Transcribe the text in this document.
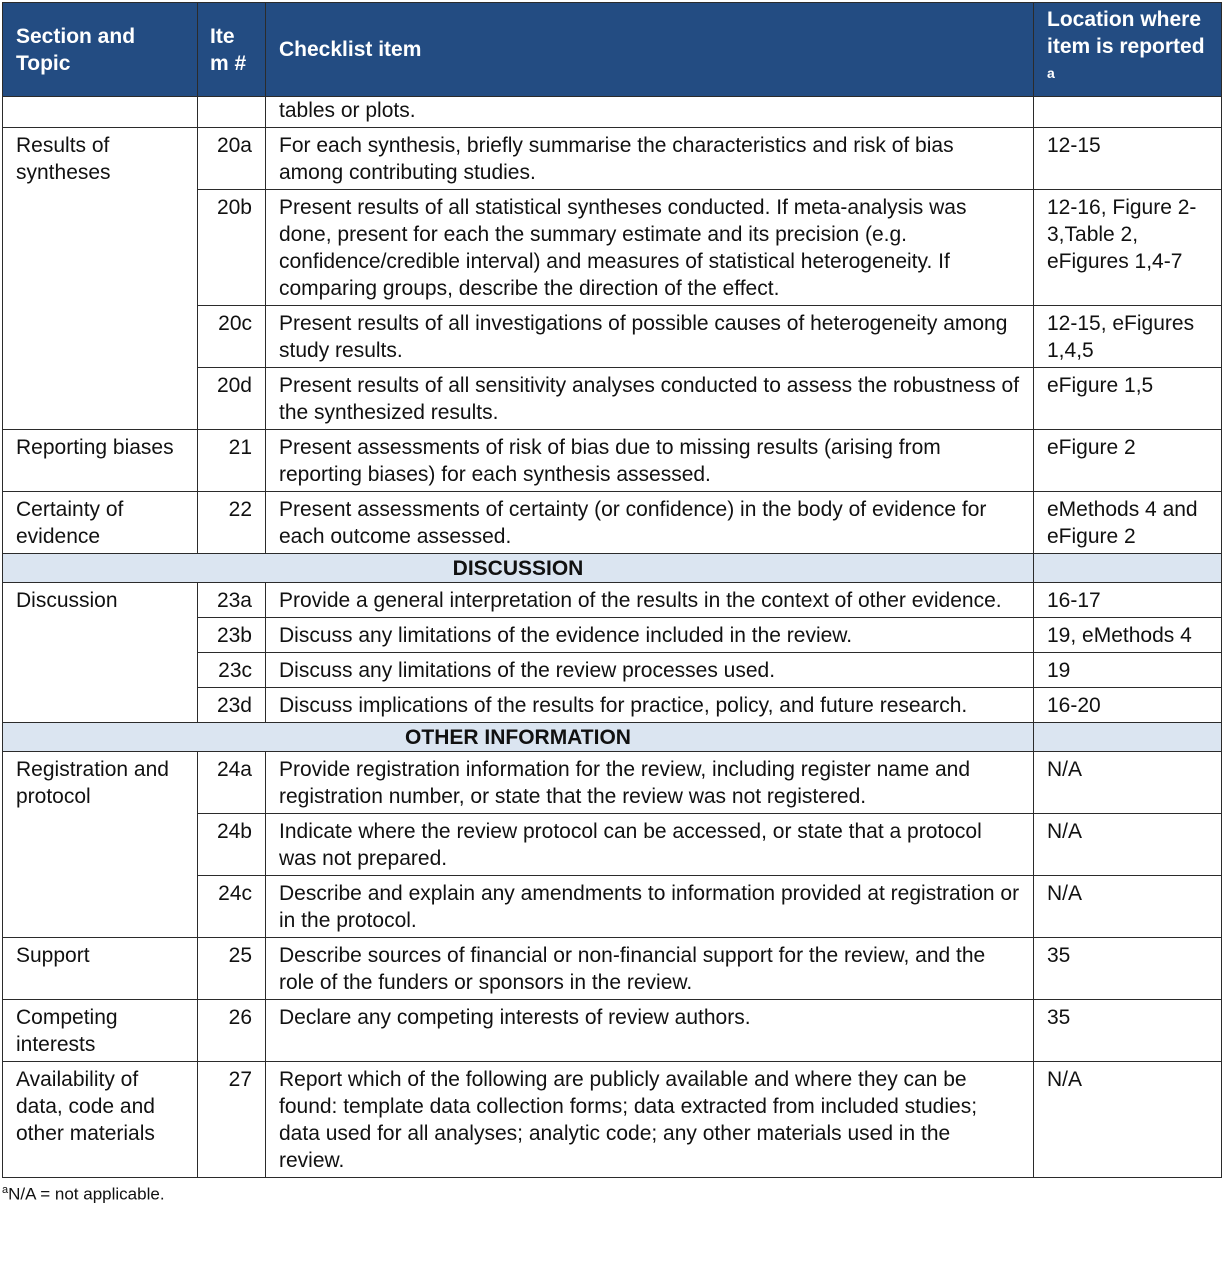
Section and Topic	Ite m #	Checklist item	Location where item is reported $^a$
		tables or plots.	
Results of syntheses	20a	For each synthesis, briefly summarise the characteristics and risk of bias among contributing studies.	12-15
	20b	Present results of all statistical syntheses conducted. If meta-analysis was done, present for each the summary estimate and its precision (e.g. confidence/credible interval) and measures of statistical heterogeneity. If comparing groups, describe the direction of the effect.	12-16, Figure 2-3,Table 2, eFigures 1,4-7
	20c	Present results of all investigations of possible causes of heterogeneity among study results.	12-15, eFigures 1,4,5
	20d	Present results of all sensitivity analyses conducted to assess the robustness of the synthesized results.	eFigure 1,5
Reporting biases	21	Present assessments of risk of bias due to missing results (arising from reporting biases) for each synthesis assessed.	eFigure 2
Certainty of evidence	22	Present assessments of certainty (or confidence) in the body of evidence for each outcome assessed.	eMethods 4 and eFigure 2
DISCUSSION			
Discussion	23a	Provide a general interpretation of the results in the context of other evidence.	16-17
	23b	Discuss any limitations of the evidence included in the review.	19, eMethods 4
	23c	Discuss any limitations of the review processes used.	19
	23d	Discuss implications of the results for practice, policy, and future research.	16-20
OTHER INFORMATION			
Registration and protocol	24a	Provide registration information for the review, including register name and registration number, or state that the review was not registered.	N/A
	24b	Indicate where the review protocol can be accessed, or state that a protocol was not prepared.	N/A
	24c	Describe and explain any amendments to information provided at registration or in the protocol.	N/A
Support	25	Describe sources of financial or non-financial support for the review, and the role of the funders or sponsors in the review.	35
Competing interests	26	Declare any competing interests of review authors.	35
Availability of data, code and other materials	27	Report which of the following are publicly available and where they can be found: template data collection forms; data extracted from included studies; data used for all analyses; analytic code; any other materials used in the review.	N/A
$^a$N/A = not applicable.
